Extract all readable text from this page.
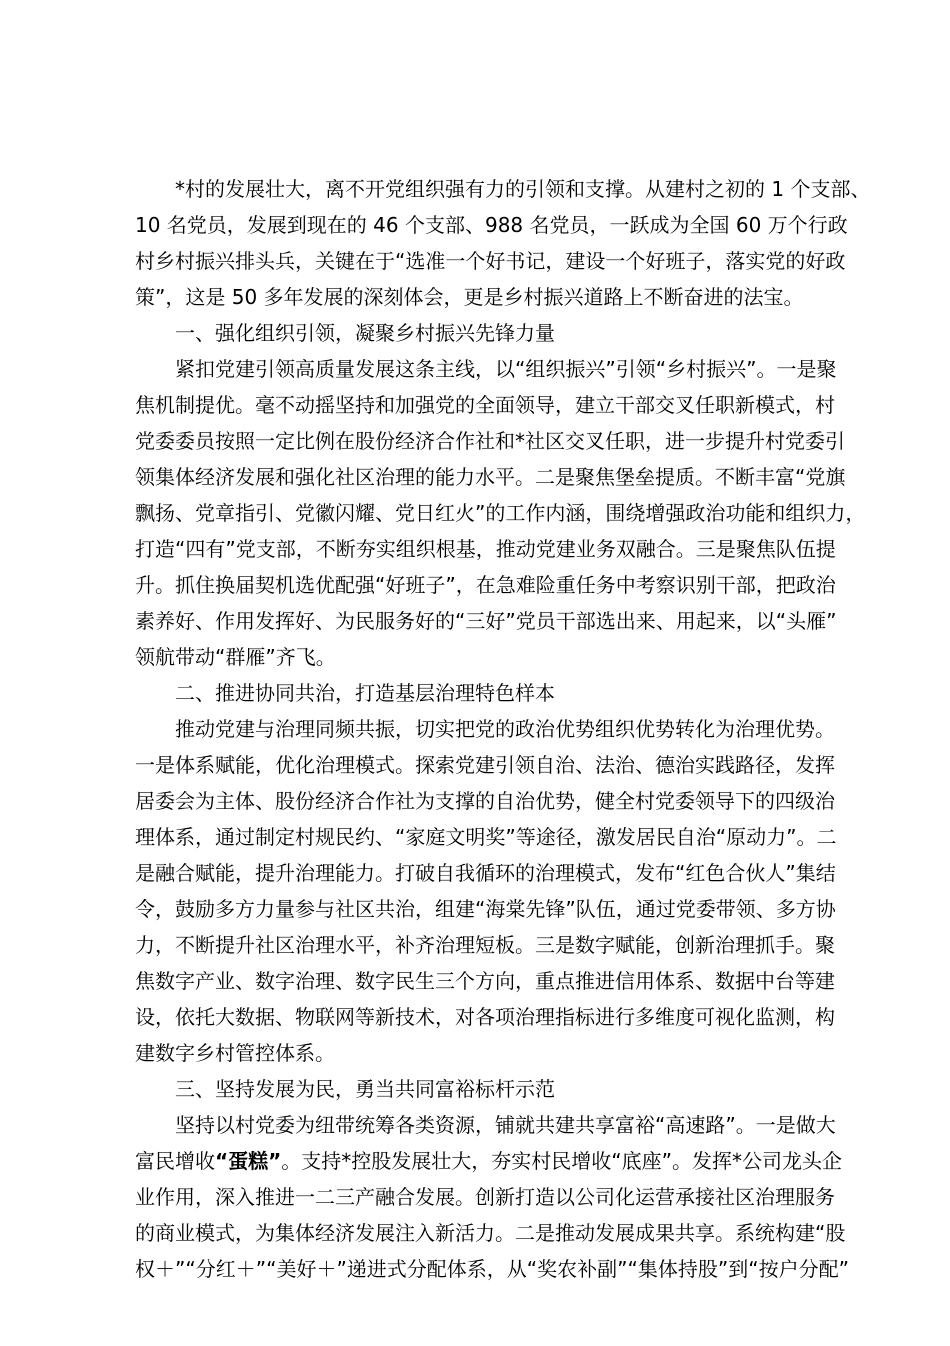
*村的发展壮大，离不开党组织强有力的引领和支撑。从建村之初的 1 个支部、
10 名党员，发展到现在的 46 个支部、988 名党员，一跃成为全国 60 万个行政
村乡村振兴排头兵，关键在于“选准一个好书记，建设一个好班子，落实党的好政
策”，这是 50 多年发展的深刻体会，更是乡村振兴道路上不断奋进的法宝。
一、强化组织引领，凝聚乡村振兴先锋力量
紧扣党建引领高质量发展这条主线，以“组织振兴”引领“乡村振兴”。一是聚
焦机制提优。毫不动摇坚持和加强党的全面领导，建立干部交叉任职新模式，村
党委委员按照一定比例在股份经济合作社和*社区交叉任职，进一步提升村党委引
领集体经济发展和强化社区治理的能力水平。二是聚焦堡垒提质。不断丰富“党旗
飘扬、党章指引、党徽闪耀、党日红火”的工作内涵，围绕增强政治功能和组织力，
打造“四有”党支部，不断夯实组织根基，推动党建业务双融合。三是聚焦队伍提
升。抓住换届契机选优配强“好班子”，在急难险重任务中考察识别干部，把政治
素养好、作用发挥好、为民服务好的“三好”党员干部选出来、用起来，以“头雁”
领航带动“群雁”齐飞。
二、推进协同共治，打造基层治理特色样本
推动党建与治理同频共振，切实把党的政治优势组织优势转化为治理优势。
一是体系赋能，优化治理模式。探索党建引领自治、法治、德治实践路径，发挥
居委会为主体、股份经济合作社为支撑的自治优势，健全村党委领导下的四级治
理体系，通过制定村规民约、“家庭文明奖”等途径，激发居民自治“原动力”。二
是融合赋能，提升治理能力。打破自我循环的治理模式，发布“红色合伙人”集结
令，鼓励多方力量参与社区共治，组建“海棠先锋”队伍，通过党委带领、多方协
力，不断提升社区治理水平，补齐治理短板。三是数字赋能，创新治理抓手。聚
焦数字产业、数字治理、数字民生三个方向，重点推进信用体系、数据中台等建
设，依托大数据、物联网等新技术，对各项治理指标进行多维度可视化监测，构
建数字乡村管控体系。
三、坚持发展为民，勇当共同富裕标杆示范
坚持以村党委为纽带统筹各类资源，铺就共建共享富裕“高速路”。一是做大
富民增收“蛋糕”。支持*控股发展壮大，夯实村民增收“底座”。发挥*公司龙头企
业作用，深入推进一二三产融合发展。创新打造以公司化运营承接社区治理服务
的商业模式，为集体经济发展注入新活力。二是推动发展成果共享。系统构建“股
权＋”“分红＋”“美好＋”递进式分配体系，从“奖农补副”“集体持股”到“按户分配”
